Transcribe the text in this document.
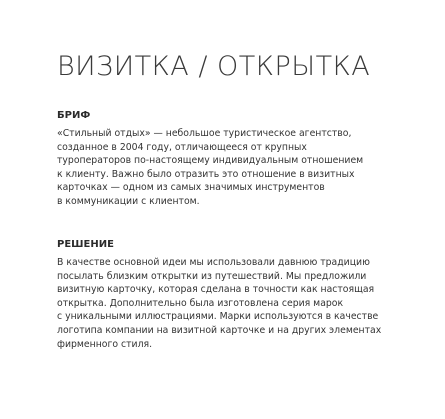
ВИЗИТКА / ОТКРЫТКА
БРИФ

«Стильный отдых» — небольшое туристическое агентство,
созданное в 2004 году, отличающееся от крупных
туроператоров по-настоящему индивидуальным отношением
к клиенту. Важно было отразить это отношение в визитных
карточках — одном из самых значимых инструментов
в коммуникации с клиентом.

РЕШЕНИЕ

В качестве основной идеи мы использовали давнюю традицию
посылать близким открытки из путешествий. Мы предложили
визитную карточку, которая сделана в точности как настоящая
открытка. Дополнительно была изготовлена серия марок
с уникальными иллюстрациями. Марки используются в качестве
логотипа компании на визитной карточке и на других элементах
фирменного стиля.
